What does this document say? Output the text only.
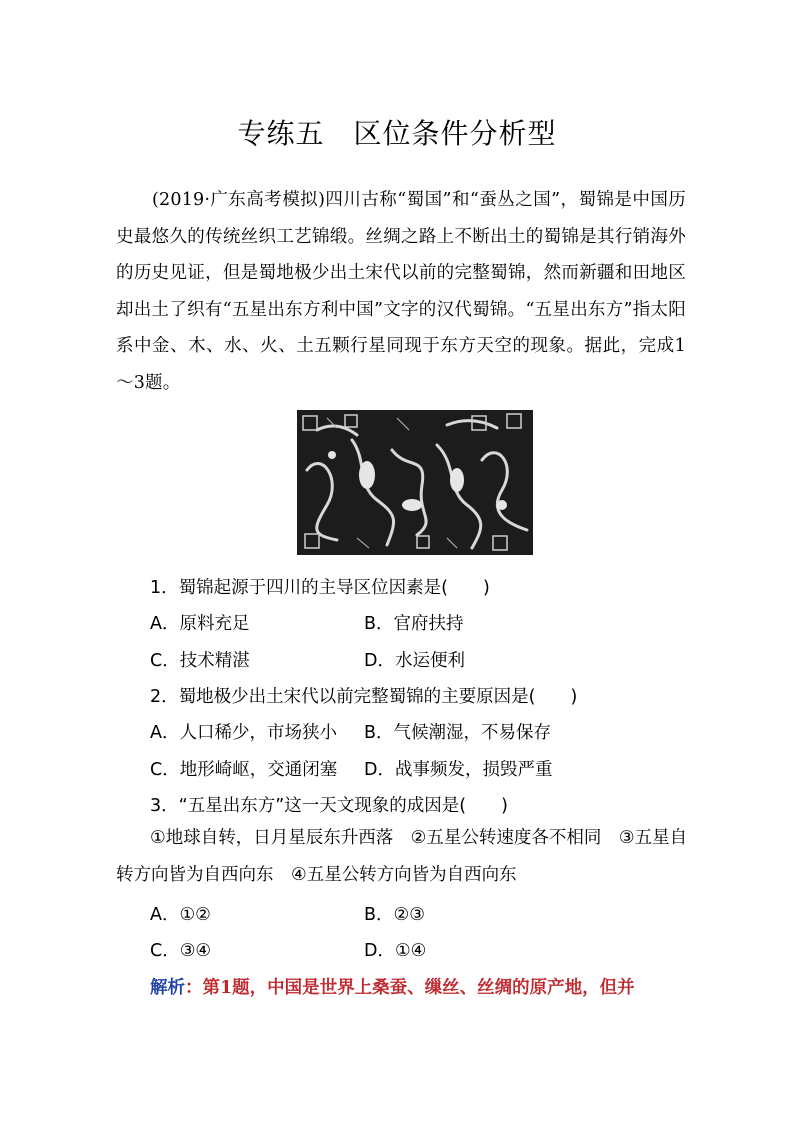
专练五　区位条件分析型
(2019·广东高考模拟)四川古称“蜀国”和“蚕丛之国”，蜀锦是中国历史最悠久的传统丝织工艺锦缎。丝绸之路上不断出土的蜀锦是其行销海外的历史见证，但是蜀地极少出土宋代以前的完整蜀锦，然而新疆和田地区却出土了织有“五星出东方利中国”文字的汉代蜀锦。“五星出东方”指太阳系中金、木、水、火、土五颗行星同现于东方天空的现象。据此，完成1～3题。
1．蜀锦起源于四川的主导区位因素是(　　)
A．原料充足	B．官府扶持
C．技术精湛	D．水运便利
2．蜀地极少出土宋代以前完整蜀锦的主要原因是(　　)
A．人口稀少，市场狭小 B．气候潮湿，不易保存
C．地形崎岖，交通闭塞 D．战事频发，损毁严重
3．“五星出东方”这一天文现象的成因是(　　)
①地球自转，日月星辰东升西落　②五星公转速度各不相同　③五星自转方向皆为自西向东　④五星公转方向皆为自西向东
A．①②	B．②③
C．③④	D．①④
解析：第1题，中国是世界上桑蚕、缫丝、丝绸的原产地，但并
